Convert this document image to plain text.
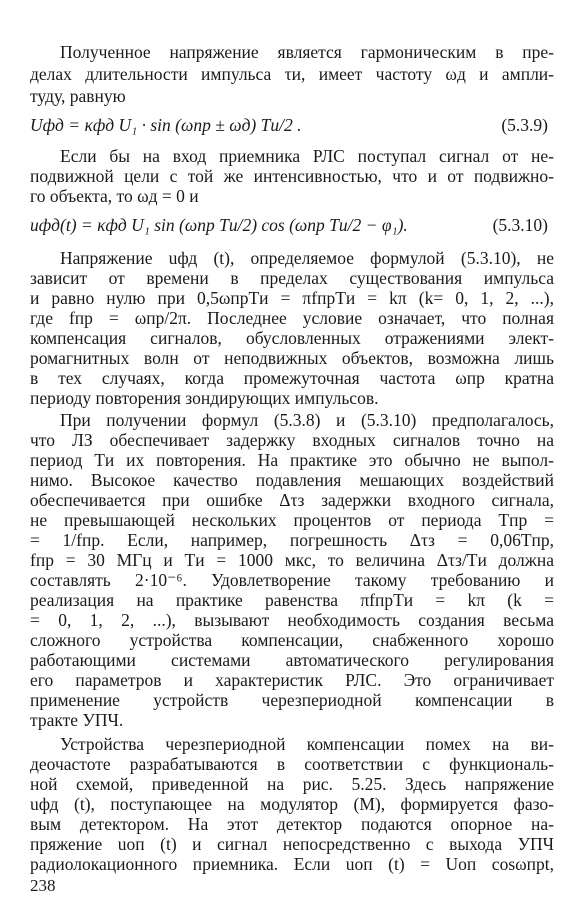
Полученное напряжение является гармоническим в пре-
делах длительности импульса τи, имеет частоту ωд и ампли-
туду, равную
Uфд = κфд U₁ · sin (ωпр ± ωд) Tи/2 .	(5.3.9)
Если бы на вход приемника РЛС поступал сигнал от не-
подвижной цели с той же интенсивностью, что и от подвижно-
го объекта, то ωд = 0 и
uфд(t) = κфд U₁ sin (ωпр Tи/2) cos (ωпр Tи/2 − φ₁).	(5.3.10)
Напряжение uфд (t), определяемое формулой (5.3.10), не
зависит от времени в пределах существования импульса
и равно нулю при 0,5ωпрTи = πfпрTи = kπ (k= 0, 1, 2, ...),
где fпр = ωпр/2π. Последнее условие означает, что полная
компенсация сигналов, обусловленных отражениями элект-
ромагнитных волн от неподвижных объектов, возможна лишь
в тех случаях, когда промежуточная частота ωпр кратна
периоду повторения зондирующих импульсов.
При получении формул (5.3.8) и (5.3.10) предполагалось,
что ЛЗ обеспечивает задержку входных сигналов точно на
период Tи их повторения. На практике это обычно не выпол-
нимо. Высокое качество подавления мешающих воздействий
обеспечивается при ошибке Δτз задержки входного сигнала,
не превышающей нескольких процентов от периода Tпр =
= 1/fпр. Если, например, погрешность Δτз = 0,06Tпр,
fпр = 30 МГц и Tи = 1000 мкс, то величина Δτз/Tи должна
составлять 2·10⁻⁶. Удовлетворение такому требованию и
реализация на практике равенства πfпрTи = kπ (k =
= 0, 1, 2, ...), вызывают необходимость создания весьма
сложного устройства компенсации, снабженного хорошо
работающими системами автоматического регулирования
его параметров и характеристик РЛС. Это ограничивает
применение устройств черезпериодной компенсации в
тракте УПЧ.
238
Устройства черезпериодной компенсации помех на ви-
деочастоте разрабатываются в соответствии с функциональ-
ной схемой, приведенной на рис. 5.25. Здесь напряжение
uфд (t), поступающее на модулятор (M), формируется фазо-
вым детектором. На этот детектор подаются опорное на-
пряжение uоп (t) и сигнал непосредственно с выхода УПЧ
радиолокационного приемника. Если uоп (t) = Uоп cosωпрt,
